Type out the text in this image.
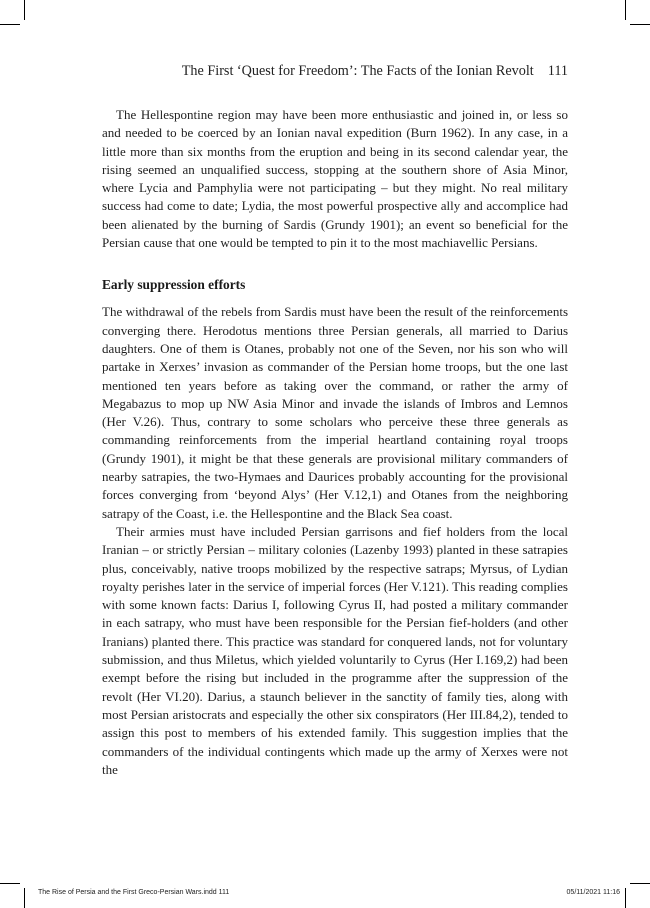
The First ‘Quest for Freedom’: The Facts of the Ionian Revolt 111

The Hellespontine region may have been more enthusiastic and joined in, or less so and needed to be coerced by an Ionian naval expedition (Burn 1962). In any case, in a little more than six months from the eruption and being in its second calendar year, the rising seemed an unqualified success, stopping at the southern shore of Asia Minor, where Lycia and Pamphylia were not participating – but they might. No real military success had come to date; Lydia, the most powerful prospective ally and accomplice had been alienated by the burning of Sardis (Grundy 1901); an event so beneficial for the Persian cause that one would be tempted to pin it to the most machiavellic Persians.

Early suppression efforts

The withdrawal of the rebels from Sardis must have been the result of the reinforcements converging there. Herodotus mentions three Persian generals, all married to Darius daughters. One of them is Otanes, probably not one of the Seven, nor his son who will partake in Xerxes’ invasion as commander of the Persian home troops, but the one last mentioned ten years before as taking over the command, or rather the army of Megabazus to mop up NW Asia Minor and invade the islands of Imbros and Lemnos (Her V.26). Thus, contrary to some scholars who perceive these three generals as commanding reinforcements from the imperial heartland containing royal troops (Grundy 1901), it might be that these generals are provisional military commanders of nearby satrapies, the two-Hymaes and Daurices probably accounting for the provisional forces converging from ‘beyond Alys’ (Her V.12,1) and Otanes from the neighboring satrapy of the Coast, i.e. the Hellespontine and the Black Sea coast.

Their armies must have included Persian garrisons and fief holders from the local Iranian – or strictly Persian – military colonies (Lazenby 1993) planted in these satrapies plus, conceivably, native troops mobilized by the respective satraps; Myrsus, of Lydian royalty perishes later in the service of imperial forces (Her V.121). This reading complies with some known facts: Darius I, following Cyrus II, had posted a military commander in each satrapy, who must have been responsible for the Persian fief-holders (and other Iranians) planted there. This practice was standard for conquered lands, not for voluntary submission, and thus Miletus, which yielded voluntarily to Cyrus (Her I.169,2) had been exempt before the rising but included in the programme after the suppression of the revolt (Her VI.20). Darius, a staunch believer in the sanctity of family ties, along with most Persian aristocrats and especially the other six conspirators (Her III.84,2), tended to assign this post to members of his extended family. This suggestion implies that the commanders of the individual contingents which made up the army of Xerxes were not the

The Rise of Persia and the First Greco-Persian Wars.indd 111	05/11/2021 11:16
